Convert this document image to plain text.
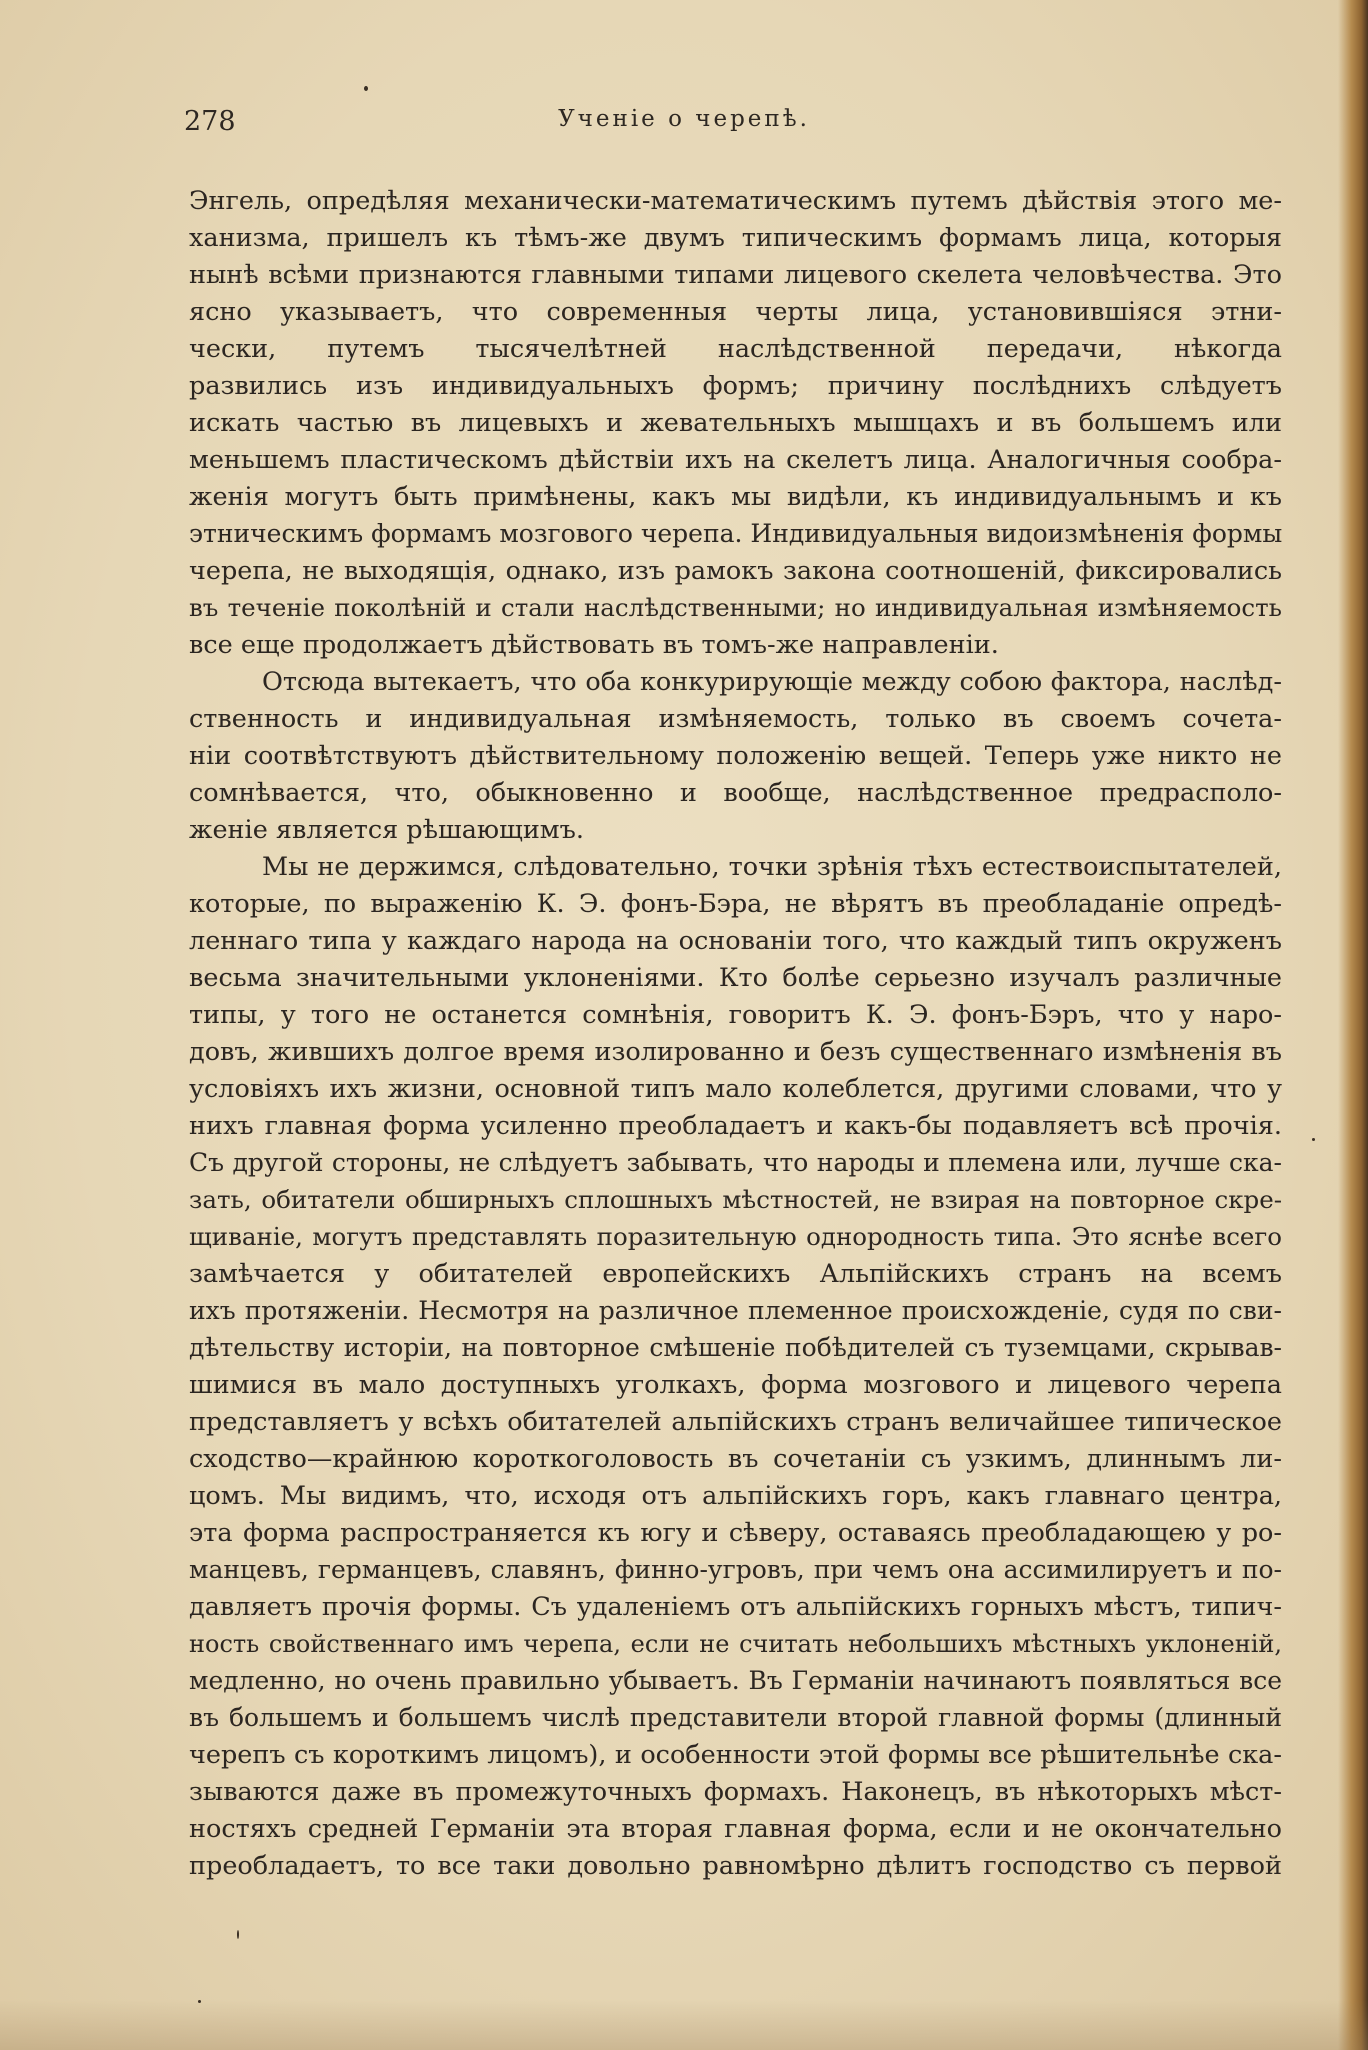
278	Ученіе о черепѣ.
Энгель, опредѣляя механически-математическимъ путемъ дѣйствія этого ме-
ханизма, пришелъ къ тѣмъ-же двумъ типическимъ формамъ лица, которыя
нынѣ всѣми признаются главными типами лицевого скелета человѣчества. Это
ясно указываетъ, что современныя черты лица, установившіяся этни-
чески, путемъ тысячелѣтней наслѣдственной передачи, нѣкогда
развились изъ индивидуальныхъ формъ; причину послѣднихъ слѣдуетъ
искать частью въ лицевыхъ и жевательныхъ мышцахъ и въ большемъ или
меньшемъ пластическомъ дѣйствіи ихъ на скелетъ лица. Аналогичныя сообра-
женія могутъ быть примѣнены, какъ мы видѣли, къ индивидуальнымъ и къ
этническимъ формамъ мозгового черепа. Индивидуальныя видоизмѣненія формы
черепа, не выходящія, однако, изъ рамокъ закона соотношеній, фиксировались
въ теченіе поколѣній и стали наслѣдственными; но индивидуальная измѣняемость
все еще продолжаетъ дѣйствовать въ томъ-же направленіи.
Отсюда вытекаетъ, что оба конкурирующіе между собою фактора, наслѣд-
ственность и индивидуальная измѣняемость, только въ своемъ сочета-
ніи соотвѣтствуютъ дѣйствительному положенію вещей. Теперь уже никто не
сомнѣвается, что, обыкновенно и вообще, наслѣдственное предрасполо-
женіе является рѣшающимъ.
Мы не держимся, слѣдовательно, точки зрѣнія тѣхъ естествоиспытателей,
которые, по выраженію К. Э. фонъ-Бэра, не вѣрятъ въ преобладаніе опредѣ-
леннаго типа у каждаго народа на основаніи того, что каждый типъ окруженъ
весьма значительными уклоненіями. Кто болѣе серьезно изучалъ различные
типы, у того не останется сомнѣнія, говоритъ К. Э. фонъ-Бэръ, что у наро-
довъ, жившихъ долгое время изолированно и безъ существеннаго измѣненія въ
условіяхъ ихъ жизни, основной типъ мало колеблется, другими словами, что у
нихъ главная форма усиленно преобладаетъ и какъ-бы подавляетъ всѣ прочія.
Съ другой стороны, не слѣдуетъ забывать, что народы и племена или, лучше ска-
зать, обитатели обширныхъ сплошныхъ мѣстностей, не взирая на повторное скре-
щиваніе, могутъ представлять поразительную однородность типа. Это яснѣе всего
замѣчается у обитателей европейскихъ Альпійскихъ странъ на всемъ
ихъ протяженіи. Несмотря на различное племенное происхожденіе, судя по сви-
дѣтельству исторіи, на повторное смѣшеніе побѣдителей съ туземцами, скрывав-
шимися въ мало доступныхъ уголкахъ, форма мозгового и лицевого черепа
представляетъ у всѣхъ обитателей альпійскихъ странъ величайшее типическое
сходство—крайнюю короткоголовость въ сочетаніи съ узкимъ, длиннымъ ли-
цомъ. Мы видимъ, что, исходя отъ альпійскихъ горъ, какъ главнаго центра,
эта форма распространяется къ югу и сѣверу, оставаясь преобладающею у ро-
манцевъ, германцевъ, славянъ, финно-угровъ, при чемъ она ассимилируетъ и по-
давляетъ прочія формы. Съ удаленіемъ отъ альпійскихъ горныхъ мѣстъ, типич-
ность свойственнаго имъ черепа, если не считать небольшихъ мѣстныхъ уклоненій,
медленно, но очень правильно убываетъ. Въ Германіи начинаютъ появляться все
въ большемъ и большемъ числѣ представители второй главной формы (длинный
черепъ съ короткимъ лицомъ), и особенности этой формы все рѣшительнѣе ска-
зываются даже въ промежуточныхъ формахъ. Наконецъ, въ нѣкоторыхъ мѣст-
ностяхъ средней Германіи эта вторая главная форма, если и не окончательно
преобладаетъ, то все таки довольно равномѣрно дѣлитъ господство съ первой
